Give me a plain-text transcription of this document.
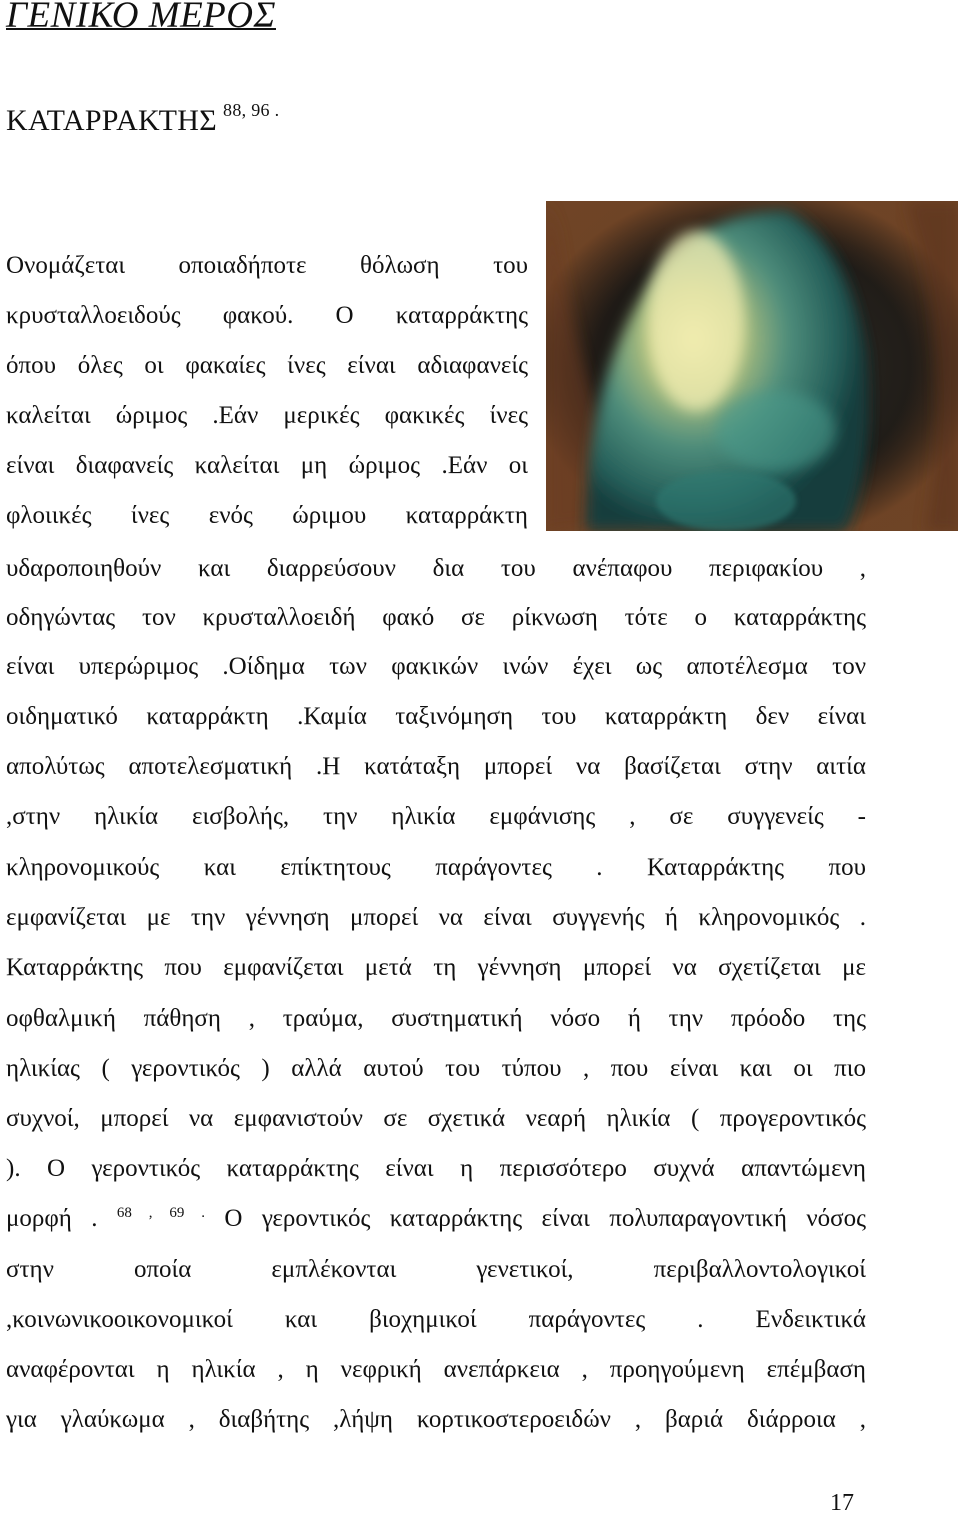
ΓΕΝΙΚΟ ΜΕΡΟΣ
ΚΑΤΑΡΡΑΚΤΗΣ $^{88, 96 .}$

Ονομάζεται οποιαδήποτε θόλωση του

κρυσταλλοειδούς φακού. Ο καταρράκτης

όπου όλες οι φακαίες ίνες είναι αδιαφανείς

καλείται ώριμος .Εάν μερικές φακικές ίνες

είναι διαφανείς καλείται μη ώριμος .Εάν οι

φλοιικές ίνες ενός ώριμου καταρράκτη

υδαροποιηθούν και διαρρεύσουν δια του ανέπαφου περιφακίου ,

οδηγώντας τον κρυσταλλοειδή φακό σε ρίκνωση τότε ο καταρράκτης

είναι υπερώριμος .Οίδημα των φακικών ινών έχει ως αποτέλεσμα τον

οιδηματικό καταρράκτη .Καμία ταξινόμηση του καταρράκτη δεν είναι

απολύτως αποτελεσματική .Η κατάταξη μπορεί να βασίζεται στην αιτία

,στην ηλικία εισβολής, την ηλικία εμφάνισης , σε συγγενείς -

κληρονομικούς και επίκτητους παράγοντες . Καταρράκτης που

εμφανίζεται με την γέννηση μπορεί να είναι συγγενής ή κληρονομικός .

Καταρράκτης που εμφανίζεται μετά τη γέννηση μπορεί να σχετίζεται με

οφθαλμική πάθηση , τραύμα, συστηματική νόσο ή την πρόοδο της

ηλικίας ( γεροντικός ) αλλά αυτού του τύπου , που είναι και οι πιο

συχνοί, μπορεί να εμφανιστούν σε σχετικά νεαρή ηλικία ( προγεροντικός

). Ο γεροντικός καταρράκτης είναι η περισσότερο συχνά απαντώμενη

μορφή . $^{68 , 69 .}$ Ο γεροντικός καταρράκτης είναι πολυπαραγοντική νόσος

στην οποία εμπλέκονται γενετικοί, περιβαλλοντολογικοί

,κοινωνικοοικονομικοί και βιοχημικοί παράγοντες . Ενδεικτικά

αναφέρονται η ηλικία , η νεφρική ανεπάρκεια , προηγούμενη επέμβαση

για γλαύκωμα , διαβήτης ,λήψη κορτικοστεροειδών , βαριά διάρροια ,

17
